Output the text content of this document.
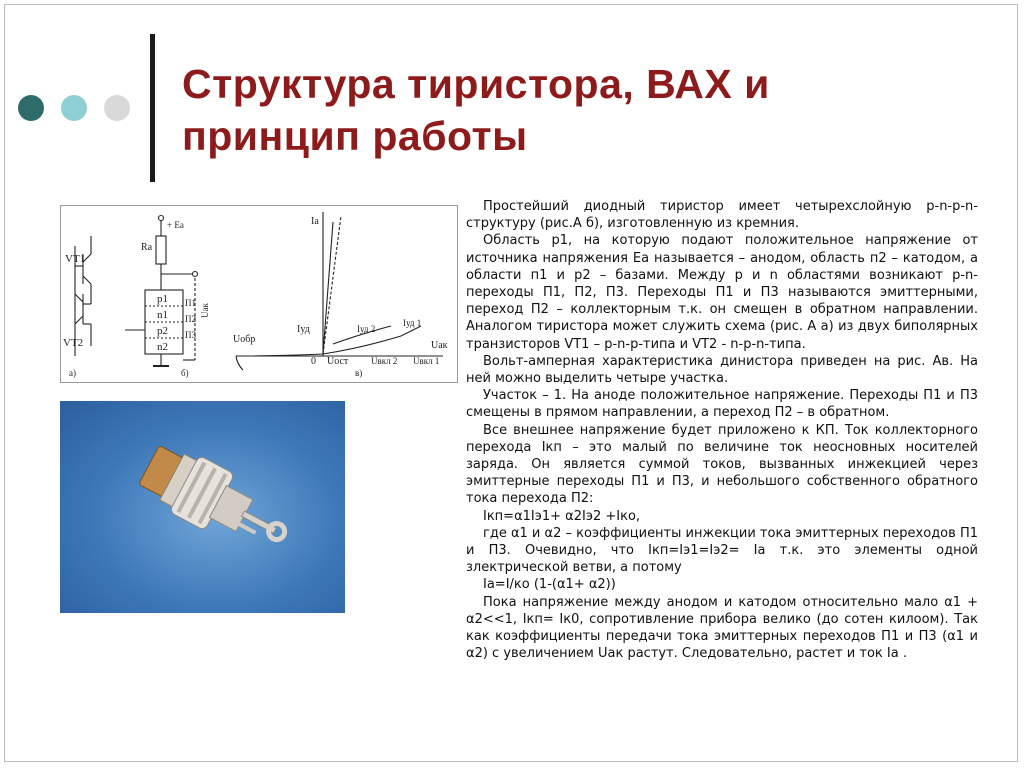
Структура тиристора, ВАХ и
принцип работы
VT1
VT2
а)
+ Eа
Rа
p1
n1
p2
n2
П1
П2
П3
Uак
б)
Iа
Uак
Iуд	Iуд 2
Iуд 1
Uобр
0 Uост	Uвкл 2 Uвкл 1
в)

Простейший диодный тиристор имеет четырехслойную p-n-p-n-структуру (рис.А б), изготовленную из кремния.

Область p1, на которую подают положительное напряжение от источника напряжения Еа называется – анодом, область п2 – катодом, а области п1 и p2 – базами. Между p и n областями возникают p-n-переходы П1, П2, П3. Переходы П1 и П3 называются эмиттерными, переход П2 – коллекторным т.к. он смещен в обратном направлении. Аналогом тиристора может служить схема (рис. А а) из двух биполярных транзисторов VT1 – p-n-p-типа и VT2 - n-p-n-типа.

Вольт-амперная характеристика динистора приведен на рис. Ав. На ней можно выделить четыре участка.

Участок – 1. На аноде положительное напряжение. Переходы П1 и П3 смещены в прямом направлении, а переход П2 – в обратном.

Все внешнее напряжение будет приложено к КП. Ток коллекторного перехода Iкп – это малый по величине ток неосновных носителей заряда. Он является суммой токов, вызванных инжекцией через эмиттерные переходы П1 и П3, и небольшого собственного обратного тока перехода П2:

Iкп=α1Iэ1+ α2Iэ2 +Iко,

где α1 и α2 – коэффициенты инжекции тока эмиттерных переходов П1 и П3. Очевидно, что Iкп=Iэ1=Iэ2= Iа т.к. это элементы одной злектрической ветви, а потому

Iа=I/ко (1-(α1+ α2))

Пока напряжение между анодом и катодом относительно мало α1 + α2<<1, Iкп= Iк0, сопротивление прибора велико (до сотен килоом). Так как коэффициенты передачи тока эмиттерных переходов П1 и П3 (α1 и α2) с увеличением Uак растут. Следовательно, растет и ток Iа .
